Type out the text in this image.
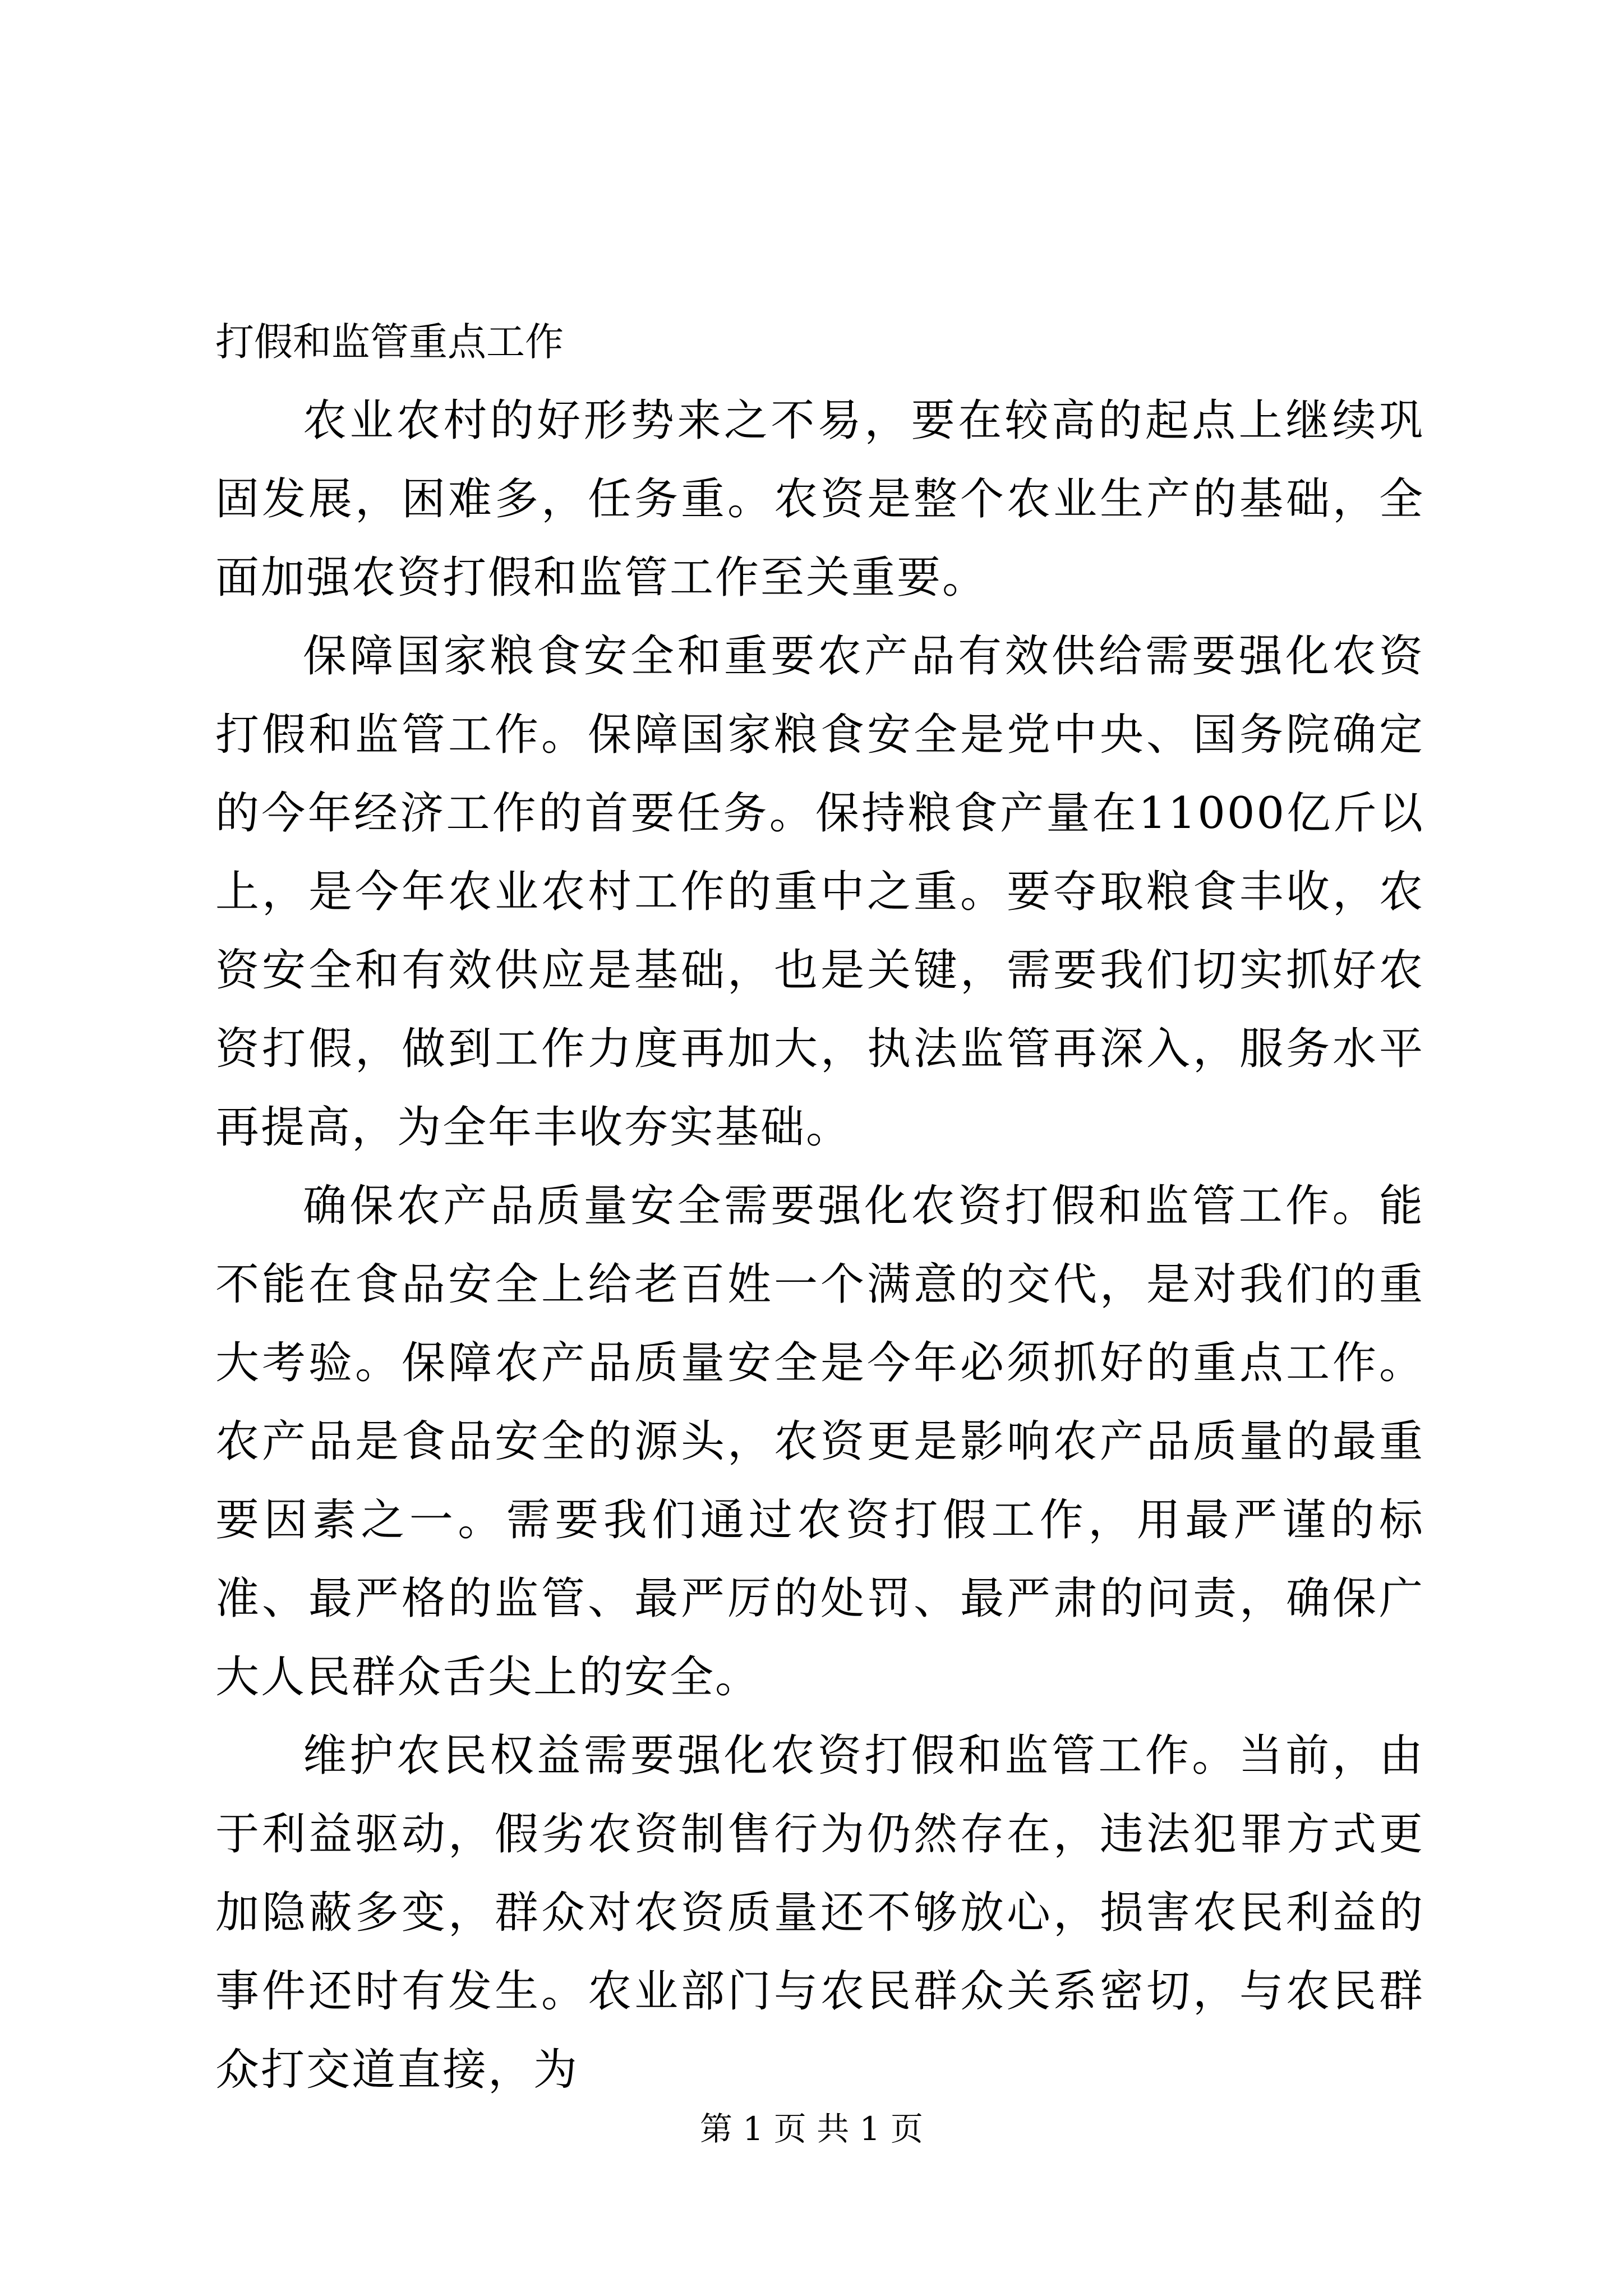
打假和监管重点工作

农业农村的好形势来之不易，要在较高的起点上继续巩固发展，困难多，任务重。农资是整个农业生产的基础，全面加强农资打假和监管工作至关重要。

保障国家粮食安全和重要农产品有效供给需要强化农资打假和监管工作。保障国家粮食安全是党中央、国务院确定的今年经济工作的首要任务。保持粮食产量在11000亿斤以上，是今年农业农村工作的重中之重。要夺取粮食丰收，农资安全和有效供应是基础，也是关键，需要我们切实抓好农资打假，做到工作力度再加大，执法监管再深入，服务水平再提高，为全年丰收夯实基础。

确保农产品质量安全需要强化农资打假和监管工作。能不能在食品安全上给老百姓一个满意的交代，是对我们的重大考验。保障农产品质量安全是今年必须抓好的重点工作。农产品是食品安全的源头，农资更是影响农产品质量的最重要因素之一。需要我们通过农资打假工作，用最严谨的标准、最严格的监管、最严厉的处罚、最严肃的问责，确保广大人民群众舌尖上的安全。

维护农民权益需要强化农资打假和监管工作。当前，由于利益驱动，假劣农资制售行为仍然存在，违法犯罪方式更加隐蔽多变，群众对农资质量还不够放心，损害农民利益的事件还时有发生。农业部门与农民群众关系密切，与农民群众打交道直接，为

第 1 页 共 1 页
